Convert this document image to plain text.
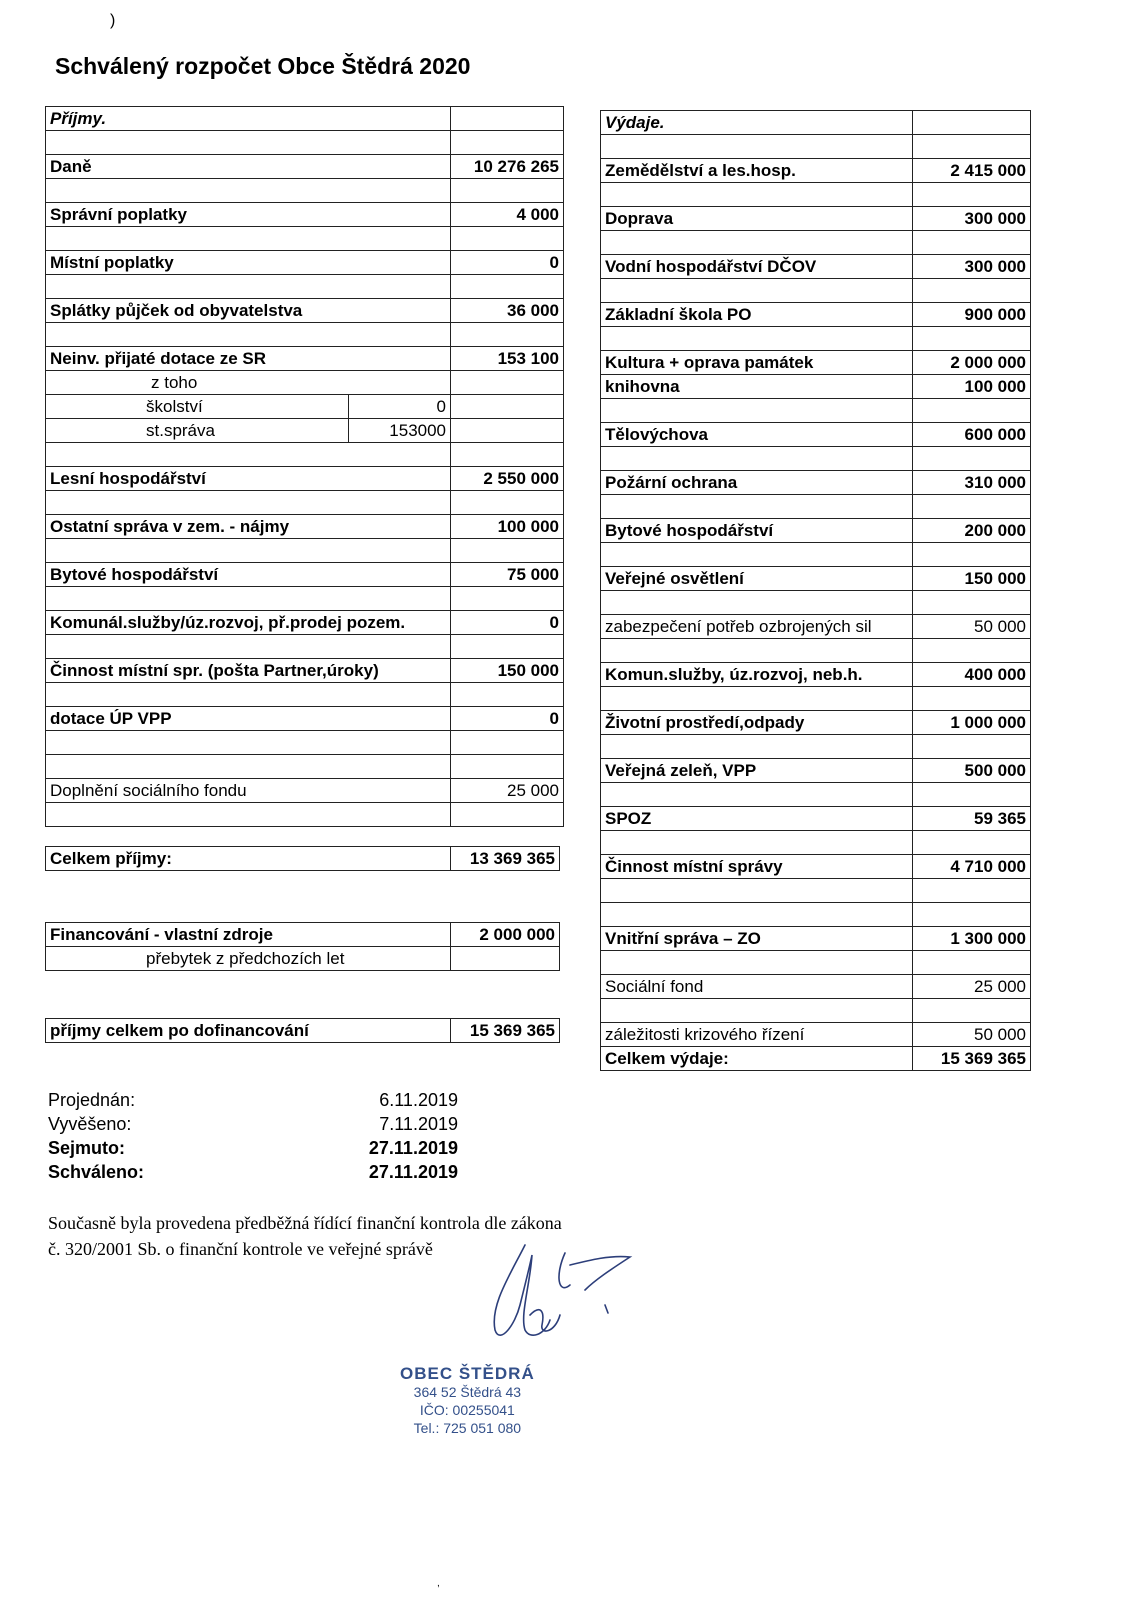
)
Schválený rozpočet Obce Štědrá 2020
Příjmy.		

Daně		10 276 265

Správní poplatky		4 000

Místní poplatky		0

Splátky půjček od obyvatelstva		36 000

Neinv. přijaté dotace ze SR		153 100
z toho		
školství	0	
st.správa	153000	

Lesní hospodářství		2 550 000

Ostatní správa v zem. - nájmy		100 000

Bytové hospodářství		75 000

Komunál.služby/úz.rozvoj, př.prodej pozem.		0

Činnost místní spr. (pošta Partner,úroky)		150 000

dotace ÚP VPP		0

Doplnění sociálního fondu		25 000

Celkem příjmy:	13 369 365
Financování - vlastní zdroje	2 000 000
přebytek z předchozích let	
příjmy celkem po dofinancování	15 369 365
Výdaje.	

Zemědělství a les.hosp.	2 415 000

Doprava	300 000

Vodní hospodářství DČOV	300 000

Základní škola PO	900 000

Kultura + oprava památek	2 000 000
knihovna	100 000

Tělovýchova	600 000

Požární ochrana	310 000

Bytové hospodářství	200 000

Veřejné osvětlení	150 000

zabezpečení potřeb ozbrojených sil	50 000

Komun.služby, úz.rozvoj, neb.h.	400 000

Životní prostředí,odpady	1 000 000

Veřejná zeleň, VPP	500 000

SPOZ	59 365

Činnost místní správy	4 710 000

Vnitřní správa – ZO	1 300 000

Sociální fond	25 000

záležitosti krizového řízení	50 000
Celkem výdaje:	15 369 365
Projednán:	6.11.2019
Vyvěšeno:	7.11.2019
Sejmuto:	27.11.2019
Schváleno:	27.11.2019
Současně byla provedena předběžná řídící finanční kontrola dle zákona
č. 320/2001 Sb. o finanční kontrole ve veřejné správě
OBEC ŠTĚDRÁ
364 52 Štědrá 43
IČO: 00255041
Tel.: 725 051 080
,
